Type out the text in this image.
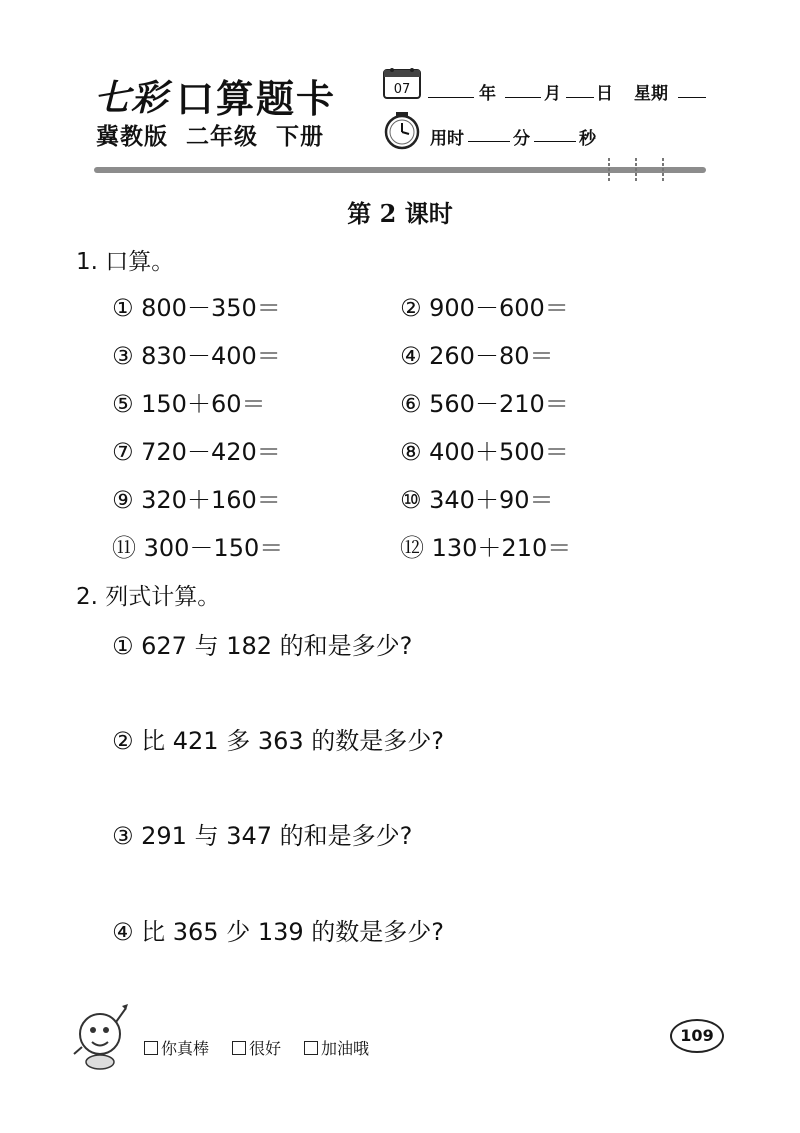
七彩 口算题卡
冀教版  二年级  下册
07	年	月 日 星期
用时	分	秒
第 2 课时
1. 口算。
① 800－350＝	② 900－600＝
③ 830－400＝	④ 260－80＝
⑤ 150＋60＝	⑥ 560－210＝
⑦ 720－420＝	⑧ 400＋500＝
⑨ 320＋160＝	⑩ 340＋90＝
⑪ 300－150＝	⑫ 130＋210＝
2. 列式计算。
① 627 与 182 的和是多少?
② 比 421 多 363 的数是多少?
③ 291 与 347 的和是多少?
④ 比 365 少 139 的数是多少?
你真棒	很好	加油哦
109
